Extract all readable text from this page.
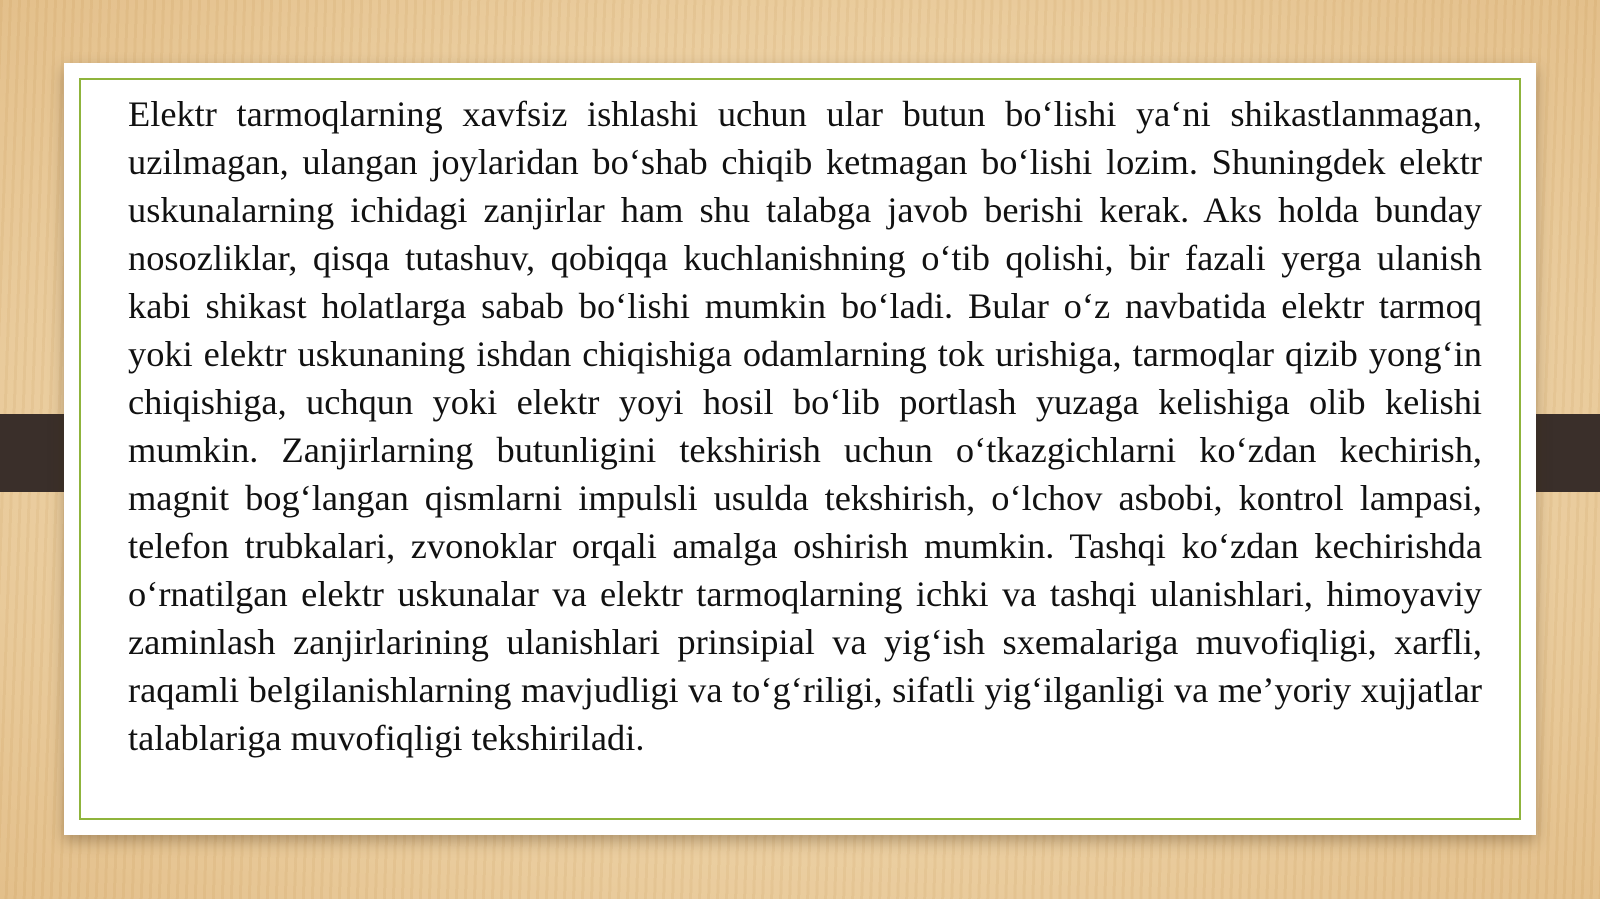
Elektr tarmoqlarning xavfsiz ishlashi uchun ular butun bo‘lishi ya‘ni shikastlanmagan, uzilmagan, ulangan joylaridan bo‘shab chiqib ketmagan bo‘lishi lozim. Shuningdek elektr uskunalarning ichidagi zanjirlar ham shu talabga javob berishi kerak. Aks holda bunday nosozliklar, qisqa tutashuv, qobiqqa kuchlanishning o‘tib qolishi, bir fazali yerga ulanish kabi shikast holatlarga sabab bo‘lishi mumkin bo‘ladi. Bular o‘z navbatida elektr tarmoq yoki elektr uskunaning ishdan chiqishiga odamlarning tok urishiga, tarmoqlar qizib yong‘in chiqishiga, uchqun yoki elektr yoyi hosil bo‘lib portlash yuzaga kelishiga olib kelishi mumkin. Zanjirlarning butunligini tekshirish uchun o‘tkazgichlarni ko‘zdan kechirish, magnit bog‘langan qismlarni impulsli usulda tekshirish, o‘lchov asbobi, kontrol lampasi, telefon trubkalari, zvonoklar orqali amalga oshirish mumkin. Tashqi ko‘zdan kechirishda o‘rnatilgan elektr uskunalar va elektr tarmoqlarning ichki va tashqi ulanishlari, himoyaviy zaminlash zanjirlarining ulanishlari prinsipial va yig‘ish sxemalariga muvofiqligi, xarfli, raqamli belgilanishlarning mavjudligi va to‘g‘riligi, sifatli yig‘ilganligi va me’yoriy xujjatlar talablariga muvofiqligi tekshiriladi.
